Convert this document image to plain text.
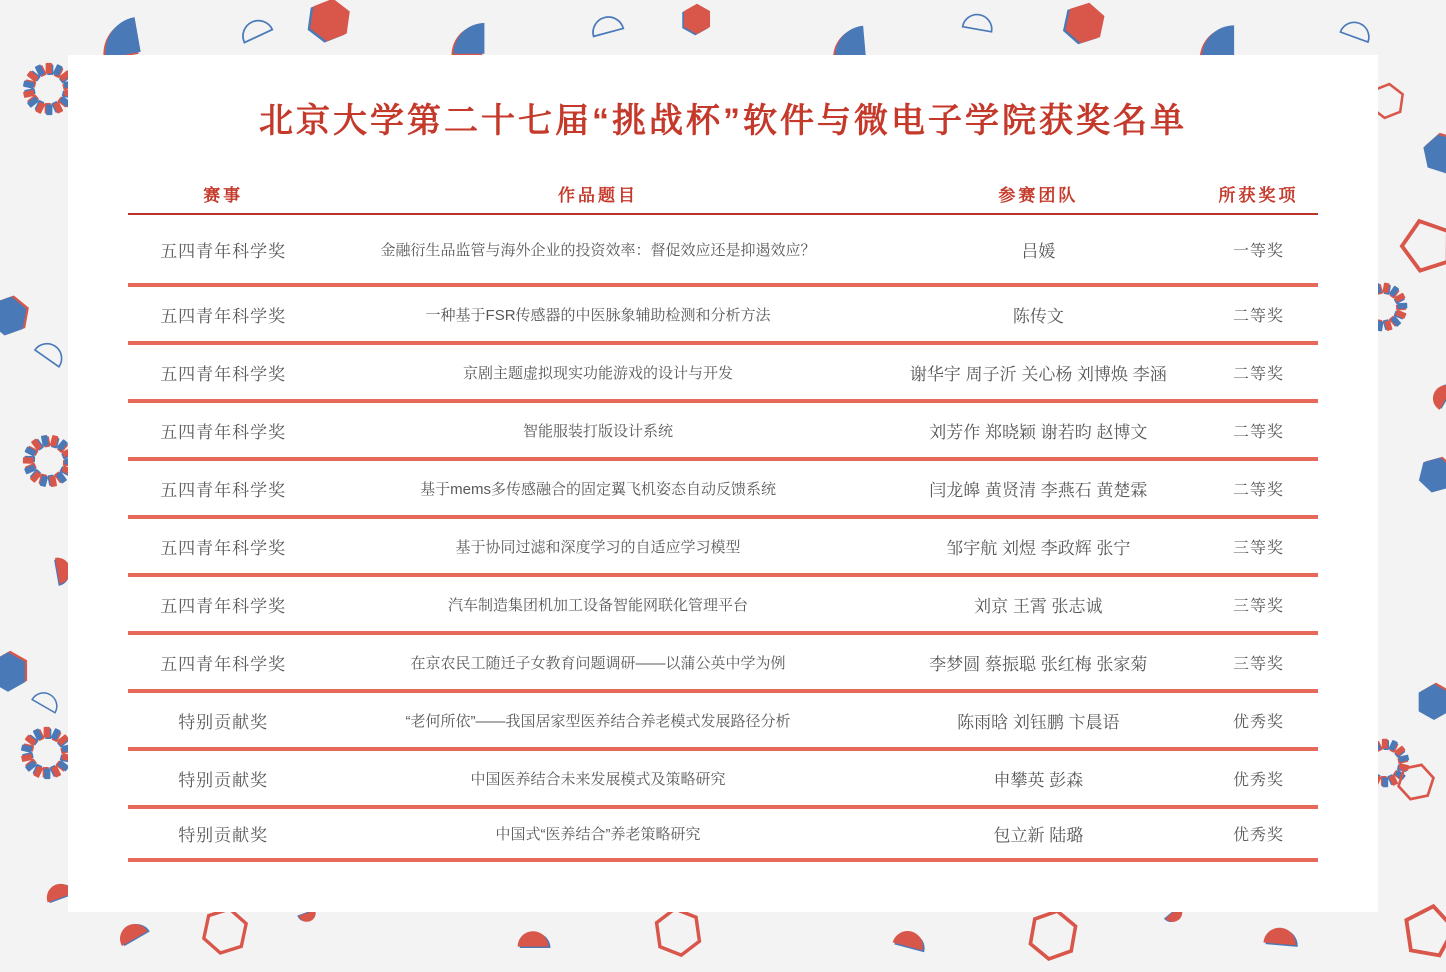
北京大学第二十七届“挑战杯”软件与微电子学院获奖名单
赛事	作品题目	参赛团队	所获奖项
五四青年科学奖	金融衍生品监管与海外企业的投资效率：督促效应还是抑遏效应？	吕媛	一等奖
五四青年科学奖	一种基于FSR传感器的中医脉象辅助检测和分析方法	陈传文	二等奖
五四青年科学奖	京剧主题虚拟现实功能游戏的设计与开发	谢华宇 周子沂 关心杨 刘博焕 李涵	二等奖
五四青年科学奖	智能服装打版设计系统	刘芳作 郑晓颖 谢若昀 赵博文	二等奖
五四青年科学奖	基于mems多传感融合的固定翼飞机姿态自动反馈系统	闫龙皞 黄贤清 李燕石 黄楚霖	二等奖
五四青年科学奖	基于协同过滤和深度学习的自适应学习模型	邹宇航 刘煜 李政辉 张宁	三等奖
五四青年科学奖	汽车制造集团机加工设备智能网联化管理平台	刘京 王霄 张志诚	三等奖
五四青年科学奖	在京农民工随迁子女教育问题调研——以蒲公英中学为例	李梦圆 蔡振聪 张红梅 张家菊	三等奖
特别贡献奖	“老何所依”——我国居家型医养结合养老模式发展路径分析	陈雨晗 刘钰鹏 卞晨语	优秀奖
特别贡献奖	中国医养结合未来发展模式及策略研究	申攀英 彭森	优秀奖
特别贡献奖	中国式“医养结合”养老策略研究	包立新 陆璐	优秀奖
